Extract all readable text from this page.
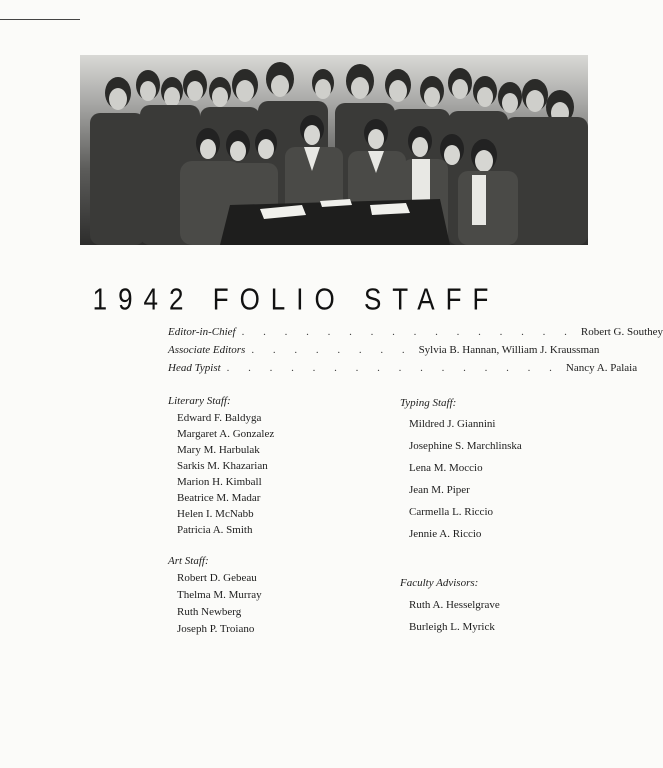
1942 FOLIO STAFF
Editor-in-Chief . . . . . . . . . . . . . . . . Robert G. Southey
Associate Editors . . . . . . . . Sylvia B. Hannan, William J. Kraussman
Head Typist . . . . . . . . . . . . . . . . Nancy A. Palaia
Literary Staff:
Edward F. Baldyga
Margaret A. Gonzalez
Mary M. Harbulak
Sarkis M. Khazarian
Marion H. Kimball
Beatrice M. Madar
Helen I. McNabb
Patricia A. Smith
Typing Staff:
Mildred J. Giannini
Josephine S. Marchlinska
Lena M. Moccio
Jean M. Piper
Carmella L. Riccio
Jennie A. Riccio
Art Staff:
Robert D. Gebeau
Thelma M. Murray
Ruth Newberg
Joseph P. Troiano
Faculty Advisors:
Ruth A. Hesselgrave
Burleigh L. Myrick
